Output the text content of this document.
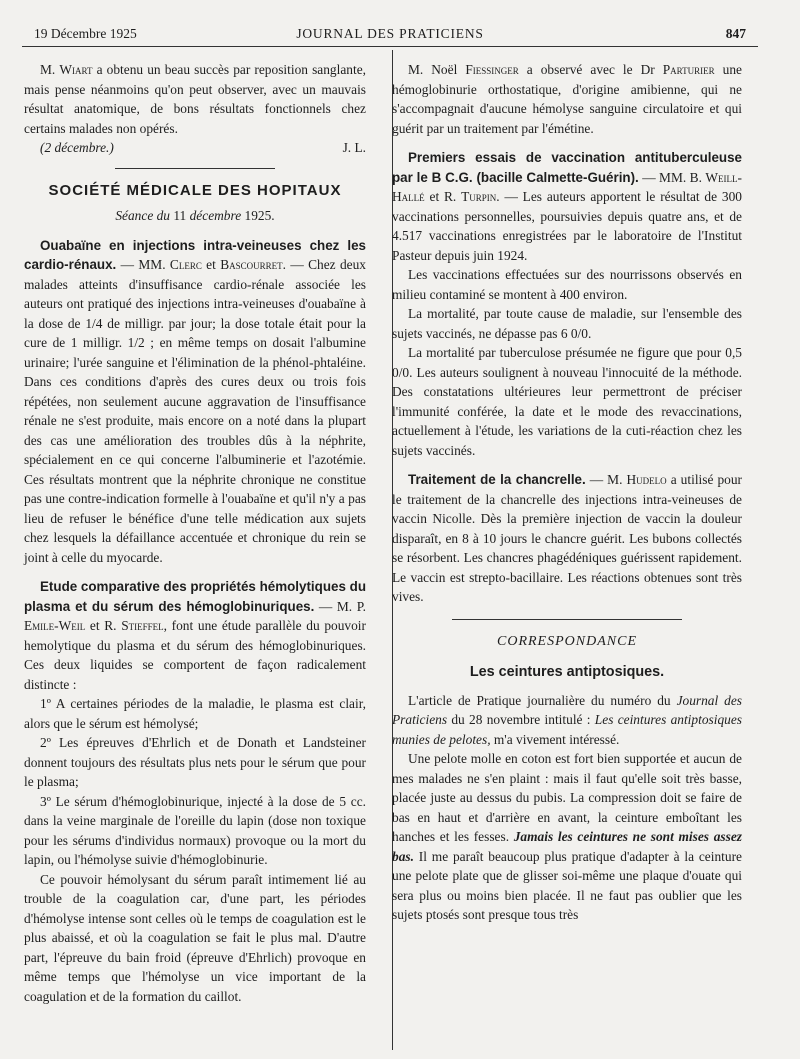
19 Décembre 1925	JOURNAL DES PRATICIENS	847

M. Wiart a obtenu un beau succès par reposition sanglante, mais pense néanmoins qu'on peut observer, avec un mauvais résultat anatomique, de bons résultats fonctionnels chez certains malades non opérés.

(2 décembre.)	J. L.

SOCIÉTÉ MÉDICALE DES HOPITAUX
Séance du 11 décembre 1925.

Ouabaïne en injections intra-veineuses chez les cardio-rénaux. — MM. Clerc et Bascourret. — Chez deux malades atteints d'insuffisance cardio-rénale associée les auteurs ont pratiqué des injections intra-veineuses d'ouabaïne à la dose de 1/4 de milligr. par jour; la dose totale était pour la cure de 1 milligr. 1/2 ; en même temps on dosait l'albumine urinaire; l'urée sanguine et l'élimination de la phénol-phtaléine. Dans ces conditions d'après des cures deux ou trois fois répétées, non seulement aucune aggravation de l'insuffisance rénale ne s'est produite, mais encore on a noté dans la plupart des cas une amélioration des troubles dûs à la néphrite, spécialement en ce qui concerne l'albuminerie et l'azotémie. Ces résultats montrent que la néphrite chronique ne constitue pas une contre-indication formelle à l'ouabaïne et qu'il n'y a pas lieu de refuser le bénéfice d'une telle médication aux sujets chez lesquels la défaillance accentuée et chronique du rein se joint à celle du myocarde.

Etude comparative des propriétés hémolytiques du plasma et du sérum des hémoglobinuriques. — M. P. Emile-Weil et R. Stieffel, font une étude parallèle du pouvoir hemolytique du plasma et du sérum des hémoglobinuriques. Ces deux liquides se comportent de façon radicalement distincte :

1º A certaines périodes de la maladie, le plasma est clair, alors que le sérum est hémolysé;

2º Les épreuves d'Ehrlich et de Donath et Landsteiner donnent toujours des résultats plus nets pour le sérum que pour le plasma;

3º Le sérum d'hémoglobinurique, injecté à la dose de 5 cc. dans la veine marginale de l'oreille du lapin (dose non toxique pour les sérums d'individus normaux) provoque ou la mort du lapin, ou l'hémolyse suivie d'hémoglobinurie.

Ce pouvoir hémolysant du sérum paraît intimement lié au trouble de la coagulation car, d'une part, les périodes d'hémolyse intense sont celles où le temps de coagulation est le plus abaissé, et où la coagulation se fait le plus mal. D'autre part, l'épreuve du bain froid (épreuve d'Ehrlich) provoque en même temps que l'hémolyse un vice important de la coagulation et de la formation du caillot.

M. Noël Fiessinger a observé avec le Dr Parturier une hémoglobinurie orthostatique, d'origine amibienne, qui ne s'accompagnait d'aucune hémolyse sanguine circulatoire et qui guérit par un traitement par l'émétine.

Premiers essais de vaccination antituberculeuse par le B C.G. (bacille Calmette-Guérin). — MM. B. Weill-Hallé et R. Turpin. — Les auteurs apportent le résultat de 300 vaccinations personnelles, poursuivies depuis quatre ans, et de 4.517 vaccinations enregistrées par le laboratoire de l'Institut Pasteur depuis juin 1924.

Les vaccinations effectuées sur des nourrissons observés en milieu contaminé se montent à 400 environ.

La mortalité, par toute cause de maladie, sur l'ensemble des sujets vaccinés, ne dépasse pas 6 0/0.

La mortalité par tuberculose présumée ne figure que pour 0,5 0/0. Les auteurs soulignent à nouveau l'innocuité de la méthode. Des constatations ultérieures leur permettront de préciser l'immunité conférée, la date et le mode des revaccinations, actuellement à l'étude, les variations de la cuti-réaction chez les sujets vaccinés.

Traitement de la chancrelle. — M. Hudelo a utilisé pour le traitement de la chancrelle des injections intra-veineuses de vaccin Nicolle. Dès la première injection de vaccin la douleur disparaît, en 8 à 10 jours le chancre guérit. Les bubons collectés se résorbent. Les chancres phagédéniques guérissent rapidement. Le vaccin est strepto-bacillaire. Les réactions obtenues sont très vives.

CORRESPONDANCE
Les ceintures antiptosiques.

L'article de Pratique journalière du numéro du Journal des Praticiens du 28 novembre intitulé : Les ceintures antiptosiques munies de pelotes, m'a vivement intéressé.

Une pelote molle en coton est fort bien supportée et aucun de mes malades ne s'en plaint : mais il faut qu'elle soit très basse, placée juste au dessus du pubis. La compression doit se faire de bas en haut et d'arrière en avant, la ceinture emboîtant les hanches et les fesses. Jamais les ceintures ne sont mises assez bas. Il me paraît beaucoup plus pratique d'adapter à la ceinture une pelote plate que de glisser soi-même une plaque d'ouate qui sera plus ou moins bien placée. Il ne faut pas oublier que les sujets ptosés sont presque tous très
